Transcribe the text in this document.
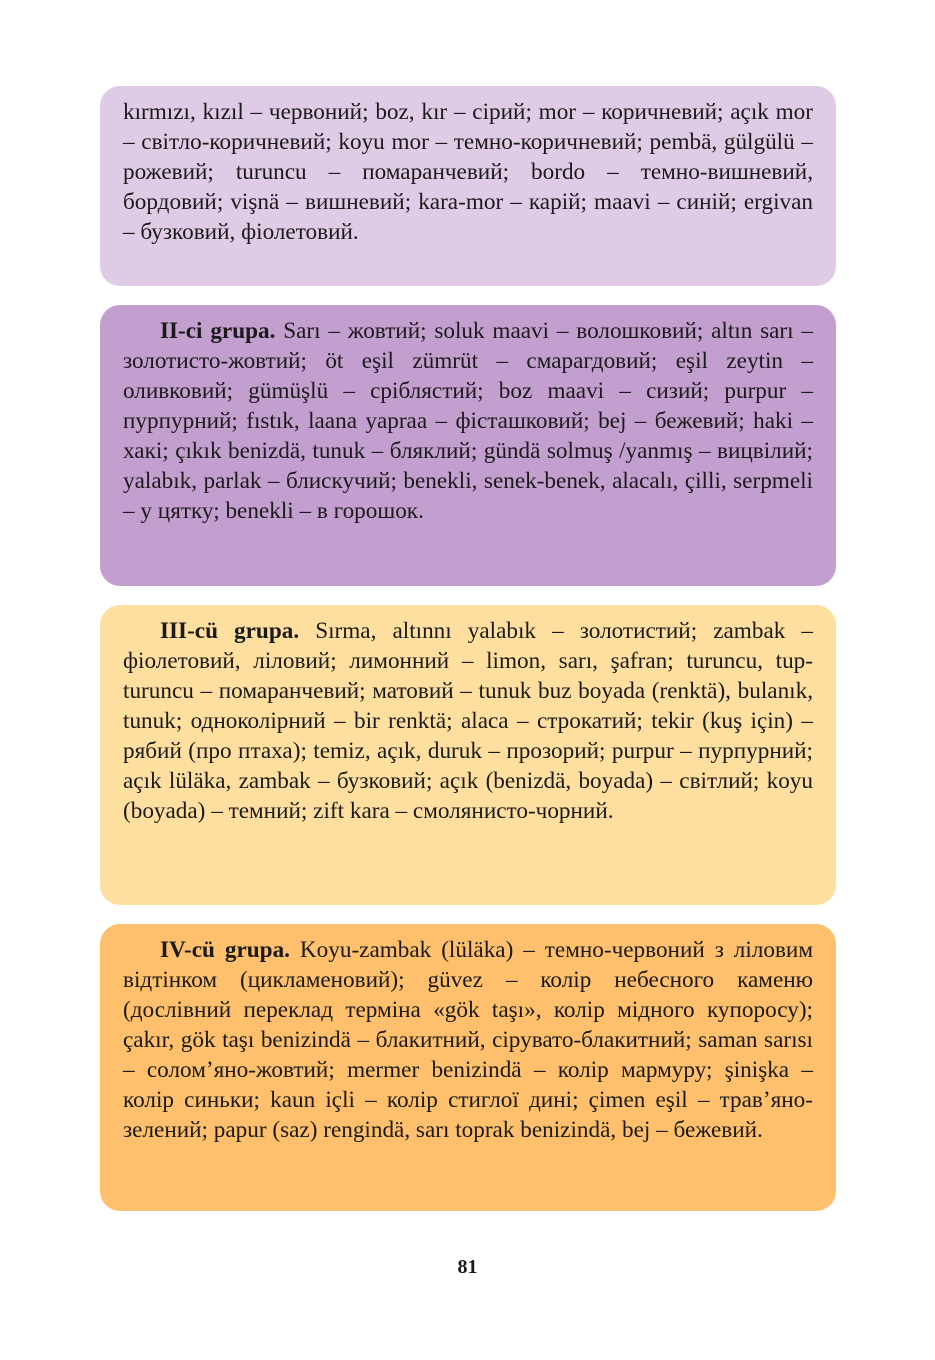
kırmızı, kızıl – червоний; boz, kır – сірий; mor – коричневий; açık mor – світло-коричневий; koyu mor – темно-коричневий; pembä, gülgülü – рожевий; turuncu – помаранчевий; bordo – темно-вишневий, бордовий; vişnä – вишневий; kara-mor – карій; maavi – синій; ergivan – бузковий, фіолетовий.

II-ci grupa. Sarı – жовтий; soluk maavi – волошковий; altın sarı – золотисто-жовтий; öt eşil zümrüt – смарагдовий; eşil zeytin – оливковий; gümüşlü – сріблястий; boz maavi – сизий; purpur – пурпурний; fıstık, laana yapraa – фісташковий; bej – бежевий; haki – хакі; çıkık benizdä, tunuk – бляклий; gündä solmuş /yanmış – вицвілий; yalabık, parlak – блискучий; benekli, senek-benek, alacalı, çilli, serpmeli – у цятку; benekli – в горошок.

III-cü grupa. Sırma, altınnı yalabık – золотистий; zambak – фіолетовий, ліловий; лимонний – limon, sarı, şafran; turuncu, tup-turuncu – помаранчевий; матовий – tunuk buz boyada (renktä), bulanık, tunuk; одноколірний – bir renktä; alaca – строкатий; tekir (kuş için) – рябий (про птаха); temiz, açık, duruk – прозорий; purpur – пурпурний; açık lüläka, zambak – бузковий; açık (benizdä, boyada) – світлий; koyu (boyada) – темний; zift kara – смолянисто-чорний.

IV-cü grupa. Koyu-zambak (lüläka) – темно-червоний з ліловим відтінком (цикламеновий); güvez – колір небесного каменю (дослівний переклад терміна «gök taşı», колір мідного купоросу); çakır, gök taşı benizindä – блакитний, сірувато-блакитний; saman sarısı – солом’яно-жовтий; mermer benizindä – колір мармуру; şinişka – колір синьки; kaun içli – колір стиглої дині; çimen eşil – трав’яно-зелений; papur (saz) rengindä, sarı toprak benizindä, bej – бежевий.

81
